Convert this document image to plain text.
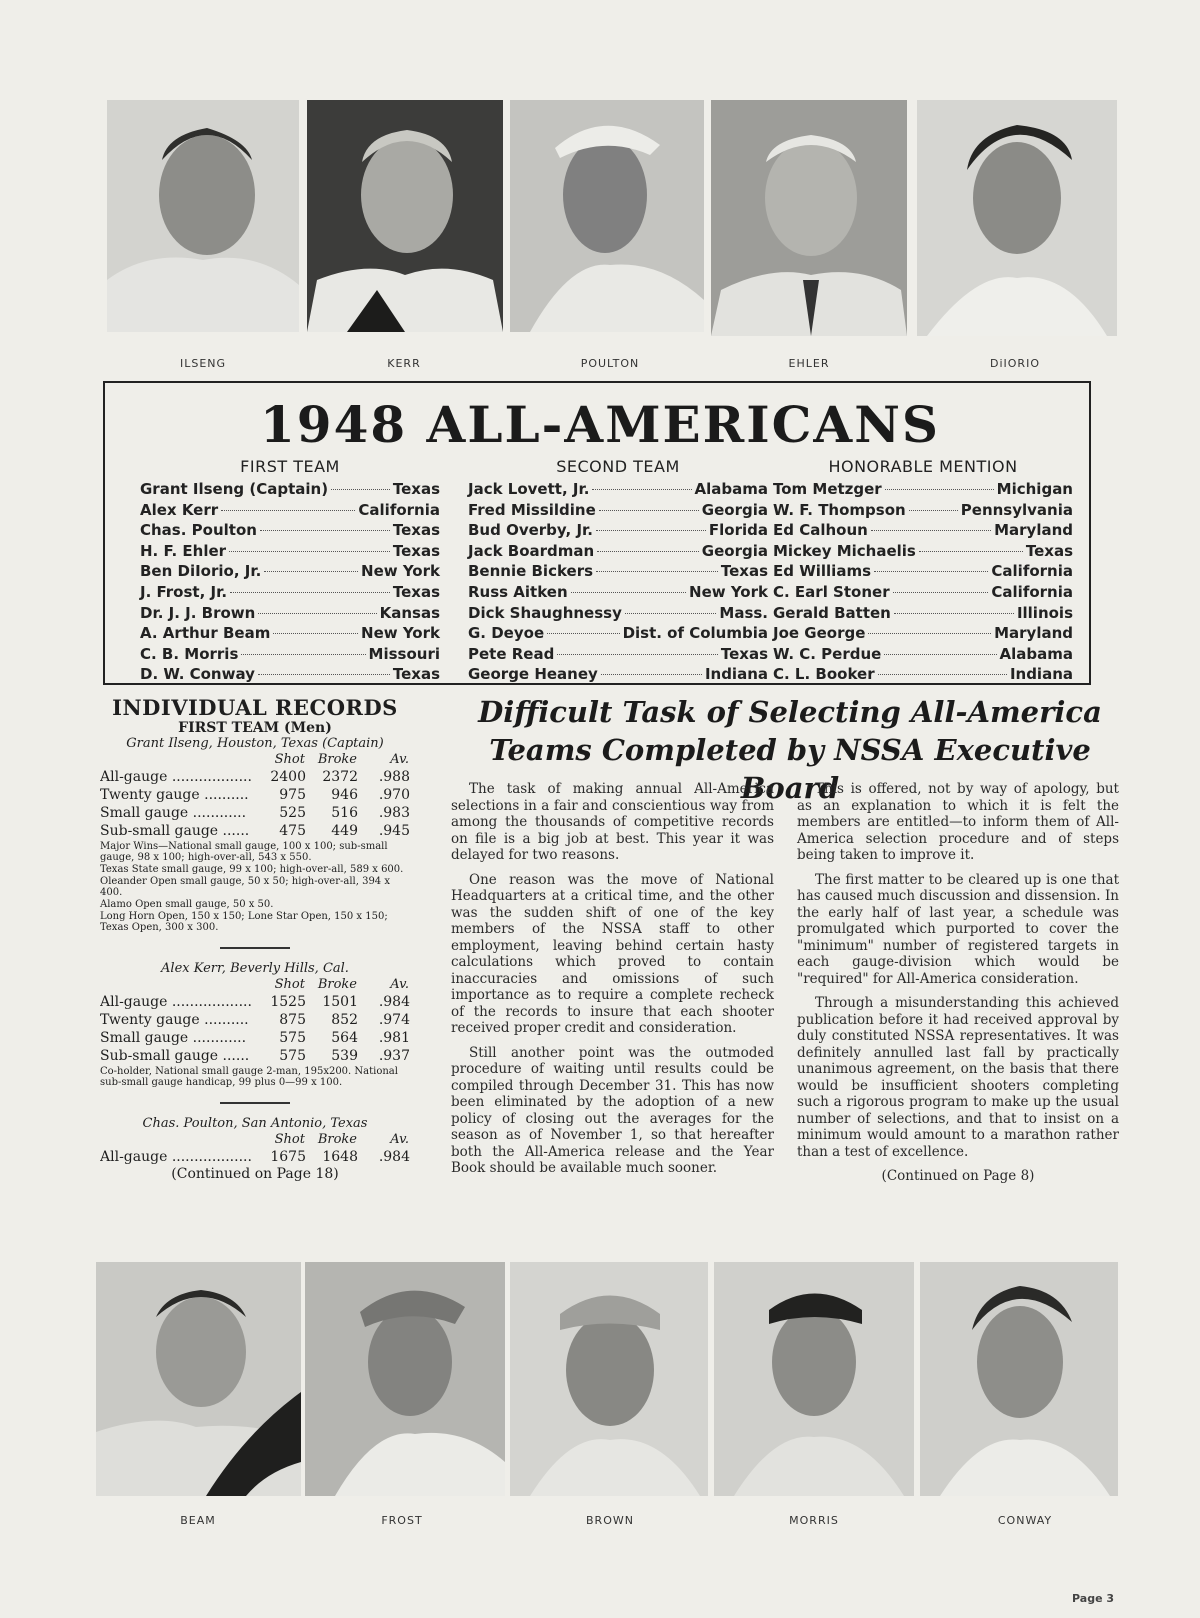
ILSENG	KERR	POULTON	EHLER	DiIORIO
1948 ALL-AMERICANS
FIRST TEAM
Grant Ilseng (Captain)	Texas
Alex Kerr	California
Chas. Poulton	Texas
H. F. Ehler	Texas
Ben DiIorio, Jr.	New York
J. Frost, Jr.	Texas
Dr. J. J. Brown	Kansas
A. Arthur Beam	New York
C. B. Morris	Missouri
D. W. Conway	Texas
SECOND TEAM
Jack Lovett, Jr.	Alabama
Fred Missildine	Georgia
Bud Overby, Jr.	Florida
Jack Boardman	Georgia
Bennie Bickers	Texas
Russ Aitken	New York
Dick Shaughnessy	Mass.
G. Deyoe	Dist. of Columbia
Pete Read	Texas
George Heaney	Indiana
HONORABLE MENTION
Tom Metzger	Michigan
W. F. Thompson	Pennsylvania
Ed Calhoun	Maryland
Mickey Michaelis	Texas
Ed Williams	California
C. Earl Stoner	California
Gerald Batten	Illinois
Joe George	Maryland
W. C. Perdue	Alabama
C. L. Booker	Indiana
INDIVIDUAL RECORDS
FIRST TEAM (Men)
Grant Ilseng, Houston, Texas (Captain)
	Shot	Broke	Av.
All-gauge ..................	2400	2372	.988
Twenty gauge ..........	975	946	.970
Small gauge ............	525	516	.983
Sub-small gauge ......	475	449	.945
Major Wins—National small gauge, 100 x 100; sub-small gauge, 98 x 100; high-over-all, 543 x 550.
Texas State small gauge, 99 x 100; high-over-all, 589 x 600.
Oleander Open small gauge, 50 x 50; high-over-all, 394 x 400.
Alamo Open small gauge, 50 x 50.
Long Horn Open, 150 x 150; Lone Star Open, 150 x 150; Texas Open, 300 x 300.
Alex Kerr, Beverly Hills, Cal.
	Shot	Broke	Av.
All-gauge ..................	1525	1501	.984
Twenty gauge ..........	875	852	.974
Small gauge ............	575	564	.981
Sub-small gauge ......	575	539	.937
Co-holder, National small gauge 2-man, 195x200. National sub-small gauge handicap, 99 plus 0—99 x 100.
Chas. Poulton, San Antonio, Texas
	Shot	Broke	Av.
All-gauge ..................	1675	1648	.984
(Continued on Page 18)
Difficult Task of Selecting All-America Teams Completed by NSSA Executive Board

The task of making annual All-America selections in a fair and conscientious way from among the thousands of competitive records on file is a big job at best. This year it was delayed for two reasons.

One reason was the move of National Headquarters at a critical time, and the other was the sudden shift of one of the key members of the NSSA staff to other employment, leaving behind certain hasty calculations which proved to contain inaccuracies and omissions of such importance as to require a complete recheck of the records to insure that each shooter received proper credit and consideration.

Still another point was the outmoded procedure of waiting until results could be compiled through December 31. This has now been eliminated by the adoption of a new policy of closing out the averages for the season as of November 1, so that hereafter both the All-America release and the Year Book should be available much sooner.

This is offered, not by way of apology, but as an explanation to which it is felt the members are entitled—to inform them of All-America selection procedure and of steps being taken to improve it.

The first matter to be cleared up is one that has caused much discussion and dissension. In the early half of last year, a schedule was promulgated which purported to cover the "minimum" number of registered targets in each gauge-division which would be "required" for All-America consideration.

Through a misunderstanding this achieved publication before it had received approval by duly constituted NSSA representatives. It was definitely annulled last fall by practically unanimous agreement, on the basis that there would be insufficient shooters completing such a rigorous program to make up the usual number of selections, and that to insist on a minimum would amount to a marathon rather than a test of excellence.

(Continued on Page 8)

BEAM	FROST	BROWN	MORRIS	CONWAY
Page 3
